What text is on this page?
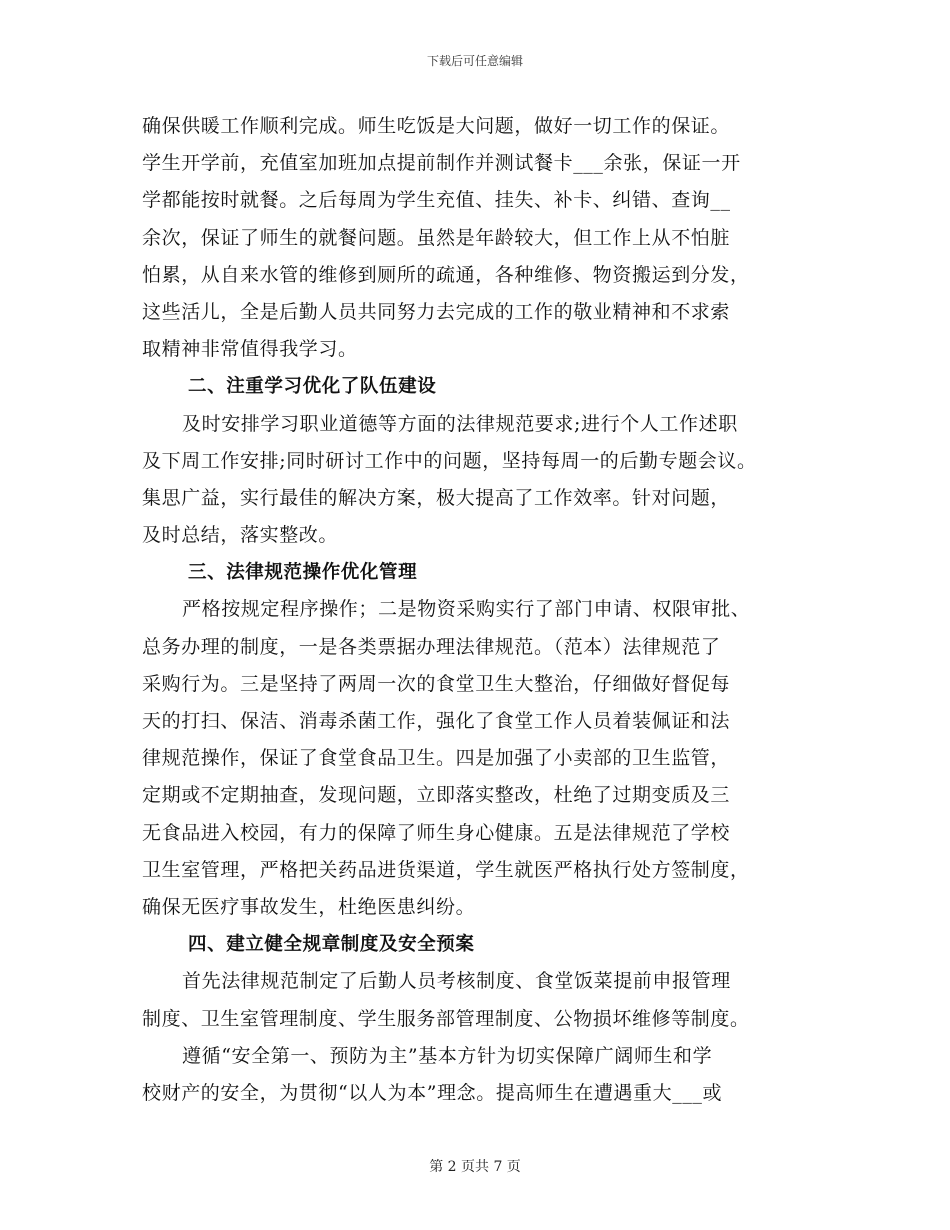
下载后可任意编辑
确保供暖工作顺利完成。师生吃饭是大问题，做好一切工作的保证。
学生开学前，充值室加班加点提前制作并测试餐卡___余张，保证一开
学都能按时就餐。之后每周为学生充值、挂失、补卡、纠错、查询__
余次，保证了师生的就餐问题。虽然是年龄较大，但工作上从不怕脏
怕累，从自来水管的维修到厕所的疏通，各种维修、物资搬运到分发，
这些活儿，全是后勤人员共同努力去完成的工作的敬业精神和不求索
取精神非常值得我学习。
二、注重学习优化了队伍建设
及时安排学习职业道德等方面的法律规范要求;进行个人工作述职
及下周工作安排;同时研讨工作中的问题，坚持每周一的后勤专题会议。
集思广益，实行最佳的解决方案，极大提高了工作效率。针对问题，
及时总结，落实整改。
三、法律规范操作优化管理
严格按规定程序操作；二是物资采购实行了部门申请、权限审批、
总务办理的制度，一是各类票据办理法律规范。（范本）法律规范了
采购行为。三是坚持了两周一次的食堂卫生大整治，仔细做好督促每
天的打扫、保洁、消毒杀菌工作，强化了食堂工作人员着装佩证和法
律规范操作，保证了食堂食品卫生。四是加强了小卖部的卫生监管，
定期或不定期抽查，发现问题，立即落实整改，杜绝了过期变质及三
无食品进入校园，有力的保障了师生身心健康。五是法律规范了学校
卫生室管理，严格把关药品进货渠道，学生就医严格执行处方签制度，
确保无医疗事故发生，杜绝医患纠纷。
四、建立健全规章制度及安全预案
首先法律规范制定了后勤人员考核制度、食堂饭菜提前申报管理
制度、卫生室管理制度、学生服务部管理制度、公物损坏维修等制度。
遵循“安全第一、预防为主”基本方针为切实保障广阔师生和学
校财产的安全，为贯彻“以人为本”理念。提高师生在遭遇重大___或
第 2 页共 7 页
